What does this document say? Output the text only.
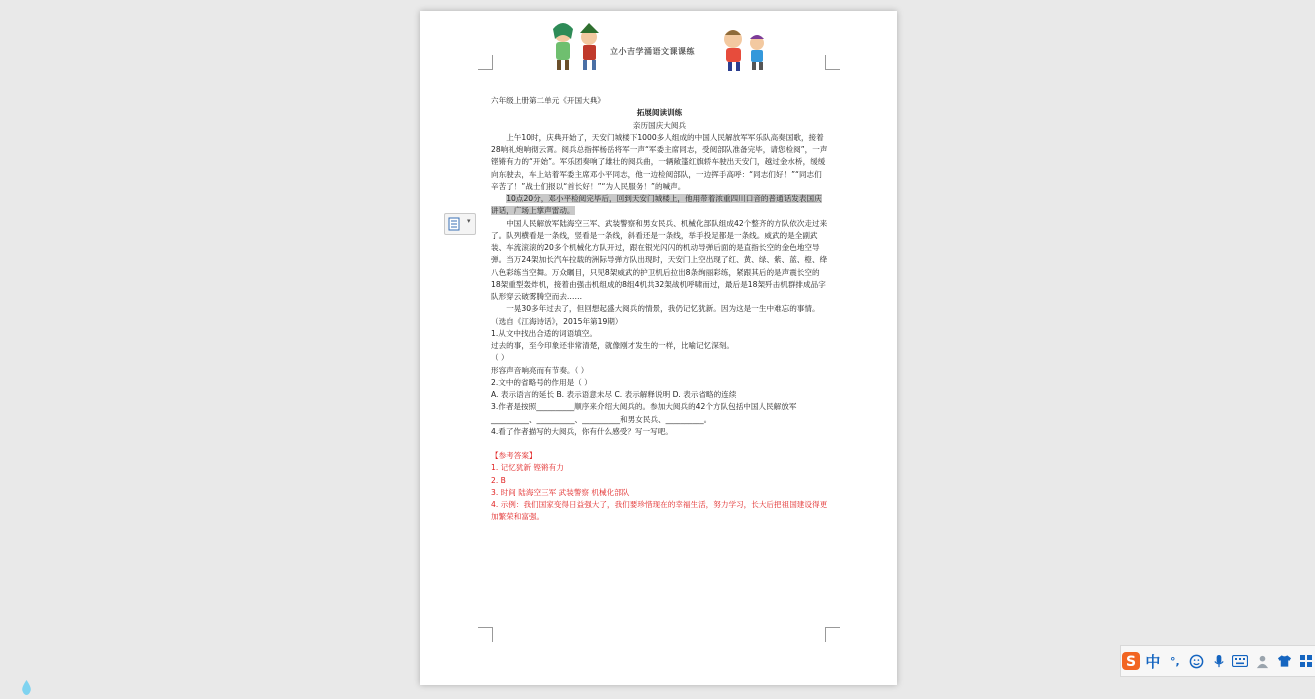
立小吉学涌语文课课练

六年级上册第二单元《开国大典》

拓展阅读训练

亲历国庆大阅兵

上午10时，庆典开始了，天安门城楼下1000多人组成的中国人民解放军军乐队高奏国歌，接着28响礼炮响彻云霄。阅兵总指挥杨岳将军一声“军委主席同志，受阅部队准备完毕，请您检阅”，一声铿锵有力的“开始”。军乐团奏响了雄壮的阅兵曲，一辆敞篷红旗轿车驶出天安门，越过金水桥，缓缓向东驶去，车上站着军委主席邓小平同志，他一边检阅部队，一边挥手高呼：“同志们好！”“同志们辛苦了！”战士们报以“首长好！”“为人民服务！”的喊声。

10点20分，邓小平检阅完毕后，回到天安门城楼上，他用带着浓重四川口音的普通话发表国庆讲话，广场上掌声雷动。

中国人民解放军陆海空三军、武装警察和男女民兵、机械化部队组成42个整齐的方队依次走过来了。队列横看是一条线，竖看是一条线，斜看还是一条线，举手投足都是一条线。威武的是全副武装、车流滚滚的20多个机械化方队开过，跟在银光闪闪的机动导弹后面的是直指长空的金色地空导弹。当万24架加长汽车拉载的洲际导弹方队出现时，天安门上空出现了红、黄、绿、紫、蓝、橙、绛八色彩练当空舞。万众瞩目，只见8架威武的护卫机后拉出8条绚丽彩练，紧跟其后的是声震长空的18架重型轰炸机，接着由强击机组成的8组4机共32架战机呼啸而过，最后是18架歼击机群排成品字队形穿云破雾腾空而去……

一晃30多年过去了，但回想起盛大阅兵的情景，我仍记忆犹新。因为这是一生中难忘的事情。

（选自《江海诗话》，2015年第19期）

1.从文中找出合适的词语填空。

过去的事，至今印象还非常清楚，就像刚才发生的一样，比喻记忆深刻。

（ ）

形容声音响亮而有节奏。（ ）

2.文中的省略号的作用是（ ）

A. 表示语言的延长 B. 表示语意未尽 C. 表示解释说明 D. 表示省略的连续

3.作者是按照__________顺序来介绍大阅兵的。参加大阅兵的42个方队包括中国人民解放军__________、__________、__________和男女民兵、__________。

4.看了作者描写的大阅兵，你有什么感受？写一写吧。

【参考答案】

1. 记忆犹新 铿锵有力

2. B

3. 时间 陆海空三军 武装警察 机械化部队

4. 示例：我们国家变得日益强大了，我们要珍惜现在的幸福生活，努力学习，长大后把祖国建设得更加繁荣和富强。

▾
S 中 °,
